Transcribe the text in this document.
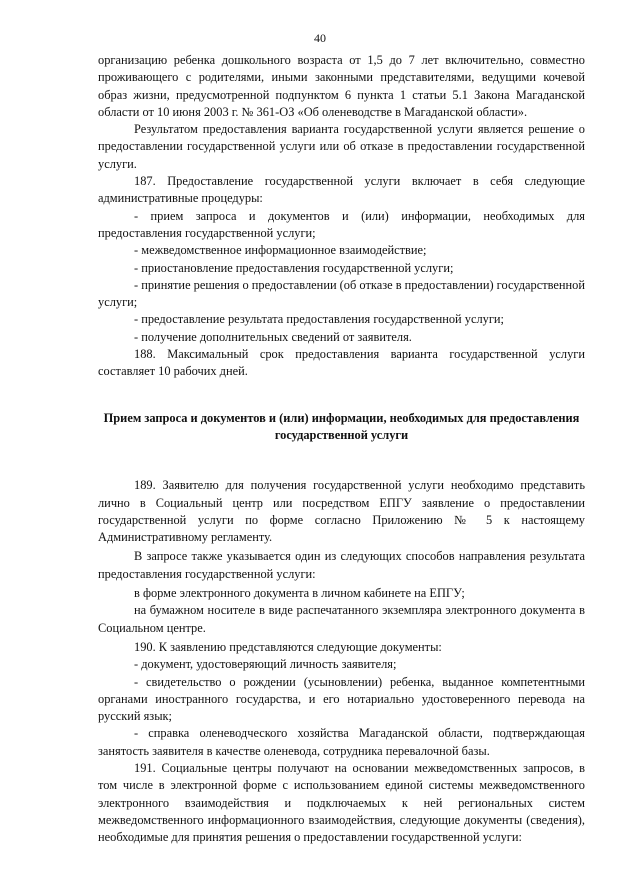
40

организацию ребенка дошкольного возраста от 1,5 до 7 лет включительно, совместно проживающего с родителями, иными законными представителями, ведущими кочевой образ жизни, предусмотренной подпунктом 6 пункта 1 статьи 5.1 Закона Магаданской области от 10 июня 2003 г. № 361-ОЗ «Об оленеводстве в Магаданской области».

Результатом предоставления варианта государственной услуги является решение о предоставлении государственной услуги или об отказе в предоставлении государственной услуги.

187. Предоставление государственной услуги включает в себя следующие административные процедуры:

- прием запроса и документов и (или) информации, необходимых для предоставления государственной услуги;

- межведомственное информационное взаимодействие;

- приостановление предоставления государственной услуги;

- принятие решения о предоставлении (об отказе в предоставлении) государственной услуги;

- предоставление результата предоставления государственной услуги;

- получение дополнительных сведений от заявителя.

188. Максимальный срок предоставления варианта государственной услуги составляет 10 рабочих дней.

Прием запроса и документов и (или) информации, необходимых для предоставления государственной услуги

189. Заявителю для получения государственной услуги необходимо представить лично в Социальный центр или посредством ЕПГУ заявление о предоставлении государственной услуги по форме согласно Приложению № 5 к настоящему Административному регламенту.

В запросе также указывается один из следующих способов направления результата предоставления государственной услуги:

в форме электронного документа в личном кабинете на ЕПГУ;

на бумажном носителе в виде распечатанного экземпляра электронного документа в Социальном центре.

190. К заявлению представляются следующие документы:

- документ, удостоверяющий личность заявителя;

- свидетельство о рождении (усыновлении) ребенка, выданное компетентными органами иностранного государства, и его нотариально удостоверенного перевода на русский язык;

- справка оленеводческого хозяйства Магаданской области, подтверждающая занятость заявителя в качестве оленевода, сотрудника перевалочной базы.

191. Социальные центры получают на основании межведомственных запросов, в том числе в электронной форме с использованием единой системы межведомственного электронного взаимодействия и подключаемых к ней региональных систем межведомственного информационного взаимодействия, следующие документы (сведения), необходимые для принятия решения о предоставлении государственной услуги:
